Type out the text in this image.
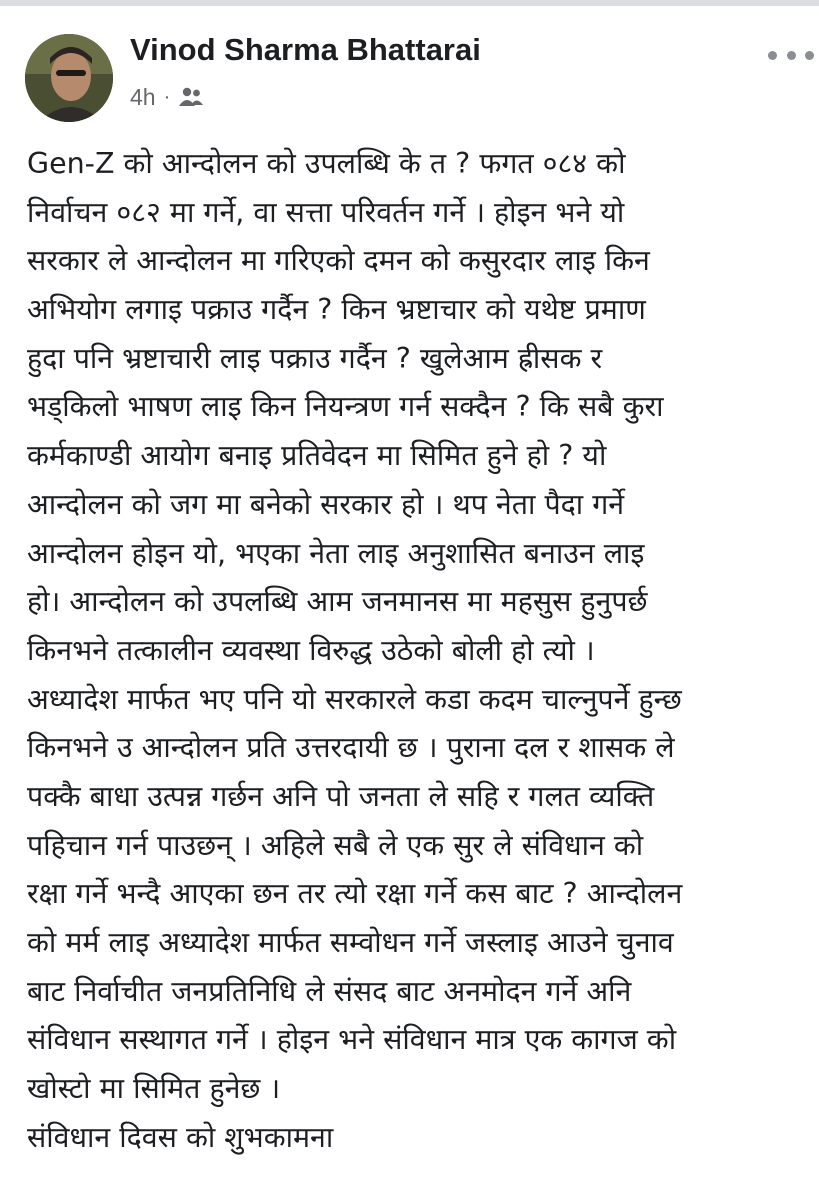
Vinod Sharma Bhattarai
4h ·
Gen-Z को आन्दोलन को उपलब्धि के त ? फगत ०८४ को
निर्वाचन ०८२ मा गर्ने, वा सत्ता परिवर्तन गर्ने । होइन भने यो
सरकार ले आन्दोलन मा गरिएको दमन को कसुरदार लाइ किन
अभियोग लगाइ पक्राउ गर्दैन ? किन भ्रष्टाचार को यथेष्ट प्रमाण
हुदा पनि भ्रष्टाचारी लाइ पक्राउ गर्दैन ? खुलेआम ह्रीसक र
भड्किलो भाषण लाइ किन नियन्त्रण गर्न सक्दैन ? कि सबै कुरा
कर्मकाण्डी आयोग बनाइ प्रतिवेदन मा सिमित हुने हो ? यो
आन्दोलन को जग मा बनेको सरकार हो । थप नेता पैदा गर्ने
आन्दोलन होइन यो, भएका नेता लाइ अनुशासित बनाउन लाइ
हो। आन्दोलन को उपलब्धि आम जनमानस मा महसुस हुनुपर्छ
किनभने तत्कालीन व्यवस्था विरुद्ध उठेको बोली हो त्यो ।
अध्यादेश मार्फत भए पनि यो सरकारले कडा कदम चाल्नुपर्ने हुन्छ
किनभने उ आन्दोलन प्रति उत्तरदायी छ । पुराना दल र शासक ले
पक्कै बाधा उत्पन्न गर्छन अनि पो जनता ले सहि र गलत व्यक्ति
पहिचान गर्न पाउछन् । अहिले सबै ले एक सुर ले संविधान को
रक्षा गर्ने भन्दै आएका छन तर त्यो रक्षा गर्ने कस बाट ? आन्दोलन
को मर्म लाइ अध्यादेश मार्फत सम्वोधन गर्ने जस्लाइ आउने चुनाव
बाट निर्वाचीत जनप्रतिनिधि ले संसद बाट अनमोदन गर्ने अनि
संविधान सस्थागत गर्ने । होइन भने संविधान मात्र एक कागज को
खोस्टो मा सिमित हुनेछ ।
संविधान दिवस को शुभकामना
